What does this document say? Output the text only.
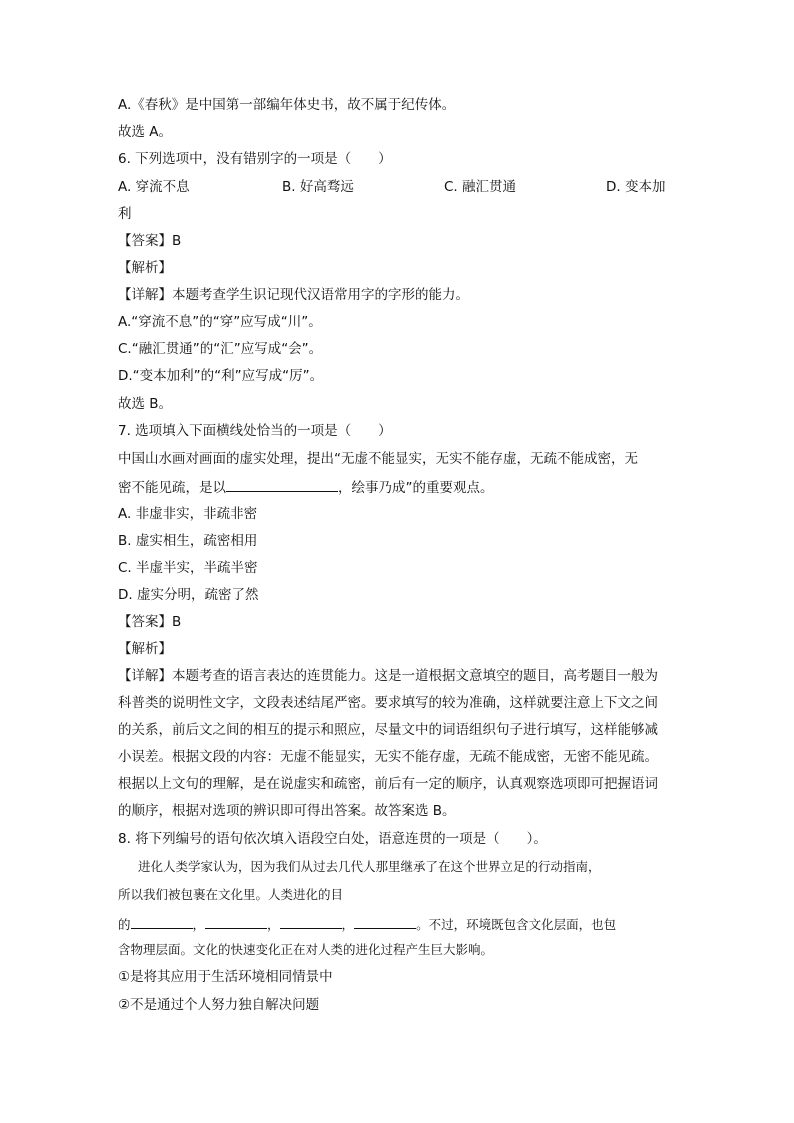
A.《春秋》是中国第一部编年体史书，故不属于纪传体。
故选 A。
6. 下列选项中，没有错别字的一项是（　　）
A. 穿流不息	B. 好高骛远	C. 融汇贯通	D. 变本加
利
【答案】B
【解析】
【详解】本题考查学生识记现代汉语常用字的字形的能力。
A.“穿流不息”的“穿”应写成“川”。
C.“融汇贯通”的“汇”应写成“会”。
D.“变本加利”的“利”应写成“厉”。
故选 B。
7. 选项填入下面横线处恰当的一项是（　　）
中国山水画对画面的虚实处理，提出“无虚不能显实，无实不能存虚，无疏不能成密，无
密不能见疏，是以	，绘事乃成”的重要观点。
A. 非虚非实，非疏非密
B. 虚实相生，疏密相用
C. 半虚半实，半疏半密
D. 虚实分明，疏密了然
【答案】B
【解析】
【详解】本题考查的语言表达的连贯能力。这是一道根据文意填空的题目，高考题目一般为
科普类的说明性文字，文段表述结尾严密。要求填写的较为准确，这样就要注意上下文之间
的关系，前后文之间的相互的提示和照应，尽量文中的词语组织句子进行填写，这样能够减
小误差。根据文段的内容：无虚不能显实，无实不能存虚，无疏不能成密，无密不能见疏。
根据以上文句的理解，是在说虚实和疏密，前后有一定的顺序，认真观察选项即可把握语词
的顺序，根据对选项的辨识即可得出答案。故答案选 B。
8. 将下列编号的语句依次填入语段空白处，语意连贯的一项是（　　）。
进化人类学家认为，因为我们从过去几代人那里继承了在这个世界立足的行动指南，
所以我们被包裹在文化里。人类进化的目
的	，	，	，	。不过，环境既包含文化层面，也包
含物理层面。文化的快速变化正在对人类的进化过程产生巨大影响。
①是将其应用于生活环境相同情景中
②不是通过个人努力独自解决问题
